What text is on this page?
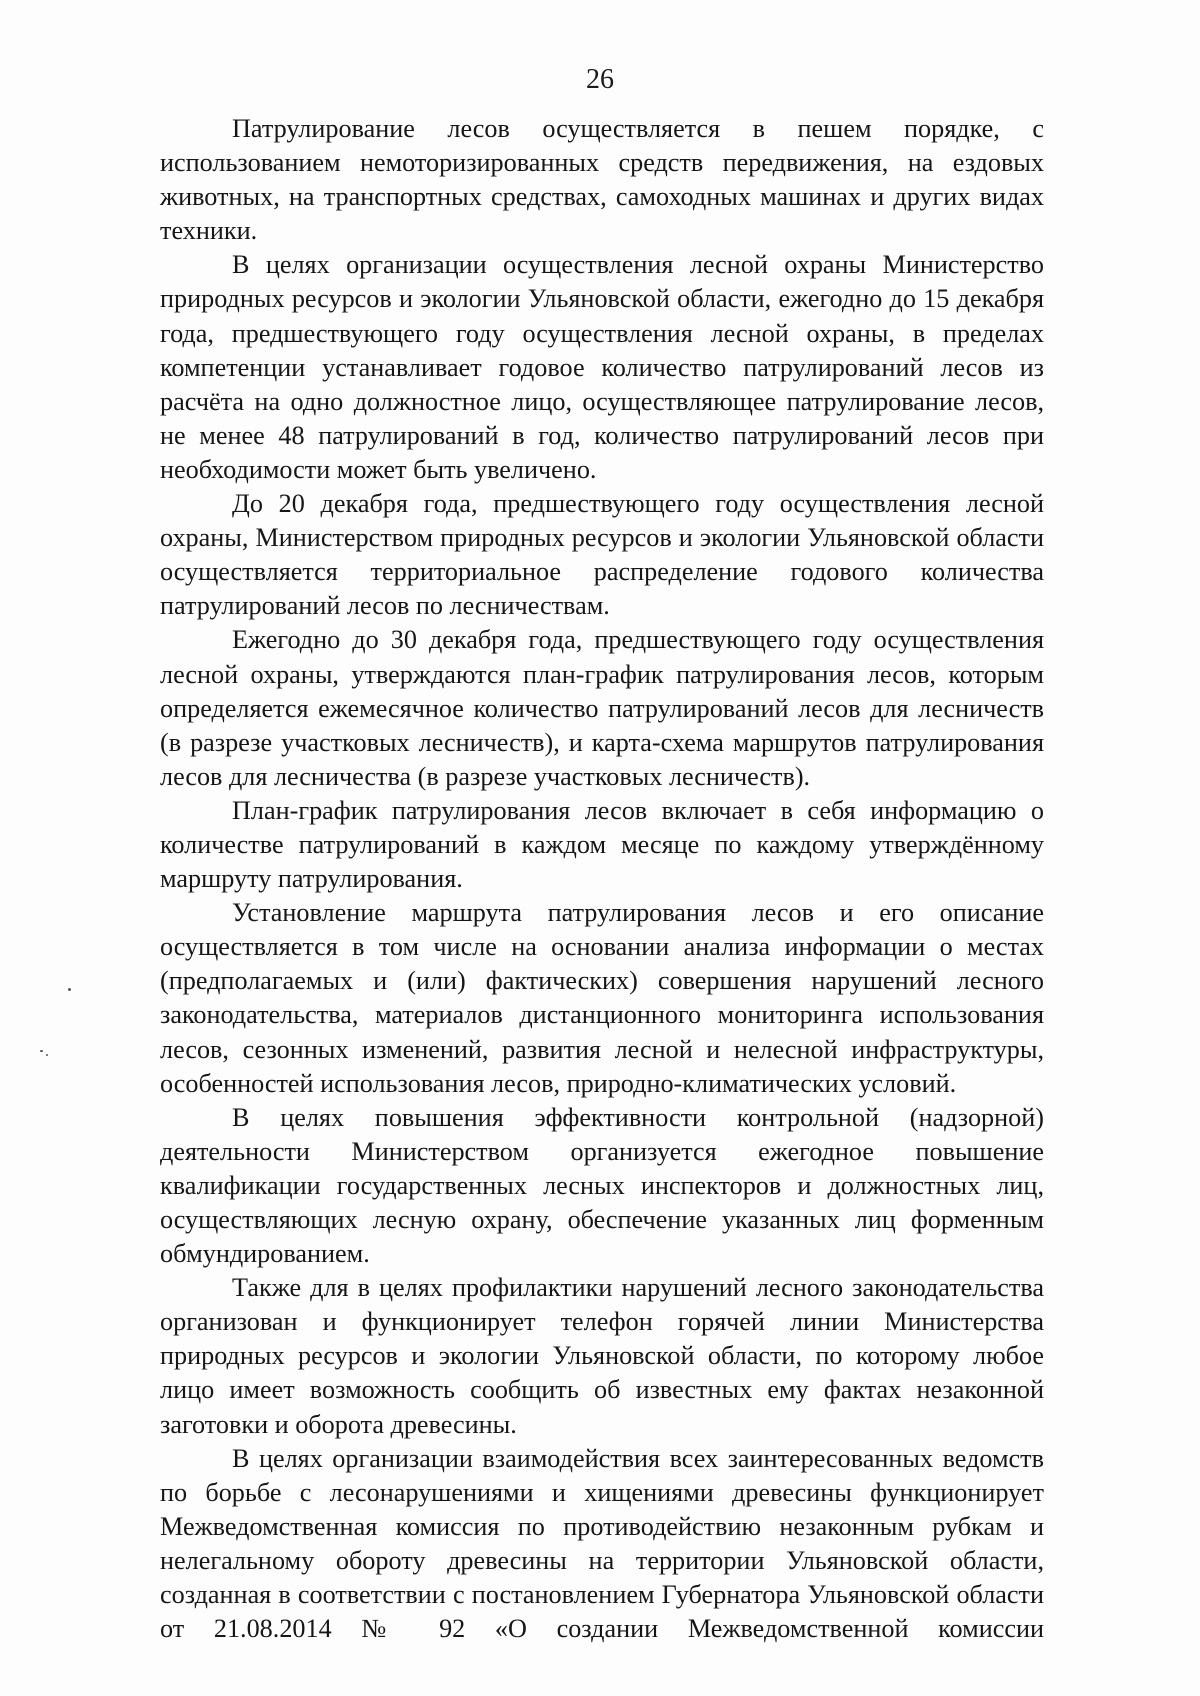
26

Патрулирование лесов осуществляется в пешем порядке, с использованием немоторизированных средств передвижения, на ездовых животных, на транспортных средствах, самоходных машинах и других видах техники.

В целях организации осуществления лесной охраны Министерство природных ресурсов и экологии Ульяновской области, ежегодно до 15 декабря года, предшествующего году осуществления лесной охраны, в пределах компетенции устанавливает годовое количество патрулирований лесов из расчёта на одно должностное лицо, осуществляющее патрулирование лесов, не менее 48 патрулирований в год, количество патрулирований лесов при необходимости может быть увеличено.

До 20 декабря года, предшествующего году осуществления лесной охраны, Министерством природных ресурсов и экологии Ульяновской области осуществляется территориальное распределение годового количества патрулирований лесов по лесничествам.

Ежегодно до 30 декабря года, предшествующего году осуществления лесной охраны, утверждаются план-график патрулирования лесов, которым определяется ежемесячное количество патрулирований лесов для лесничеств (в разрезе участковых лесничеств), и карта-схема маршрутов патрулирования лесов для лесничества (в разрезе участковых лесничеств).

План-график патрулирования лесов включает в себя информацию о количестве патрулирований в каждом месяце по каждому утверждённому маршруту патрулирования.

Установление маршрута патрулирования лесов и его описание осуществляется в том числе на основании анализа информации о местах (предполагаемых и (или) фактических) совершения нарушений лесного законодательства, материалов дистанционного мониторинга использования лесов, сезонных изменений, развития лесной и нелесной инфраструктуры, особенностей использования лесов, природно-климатических условий.

В целях повышения эффективности контрольной (надзорной) деятельности Министерством организуется ежегодное повышение квалификации государственных лесных инспекторов и должностных лиц, осуществляющих лесную охрану, обеспечение указанных лиц форменным обмундированием.

Также для в целях профилактики нарушений лесного законодательства организован и функционирует телефон горячей линии Министерства природных ресурсов и экологии Ульяновской области, по которому любое лицо имеет возможность сообщить об известных ему фактах незаконной заготовки и оборота древесины.

В целях организации взаимодействия всех заинтересованных ведомств по борьбе с лесонарушениями и хищениями древесины функционирует Межведомственная комиссия по противодействию незаконным рубкам и нелегальному обороту древесины на территории Ульяновской области, созданная в соответствии с постановлением Губернатора Ульяновской области от 21.08.2014 № 92 «О создании Межведомственной комиссии
